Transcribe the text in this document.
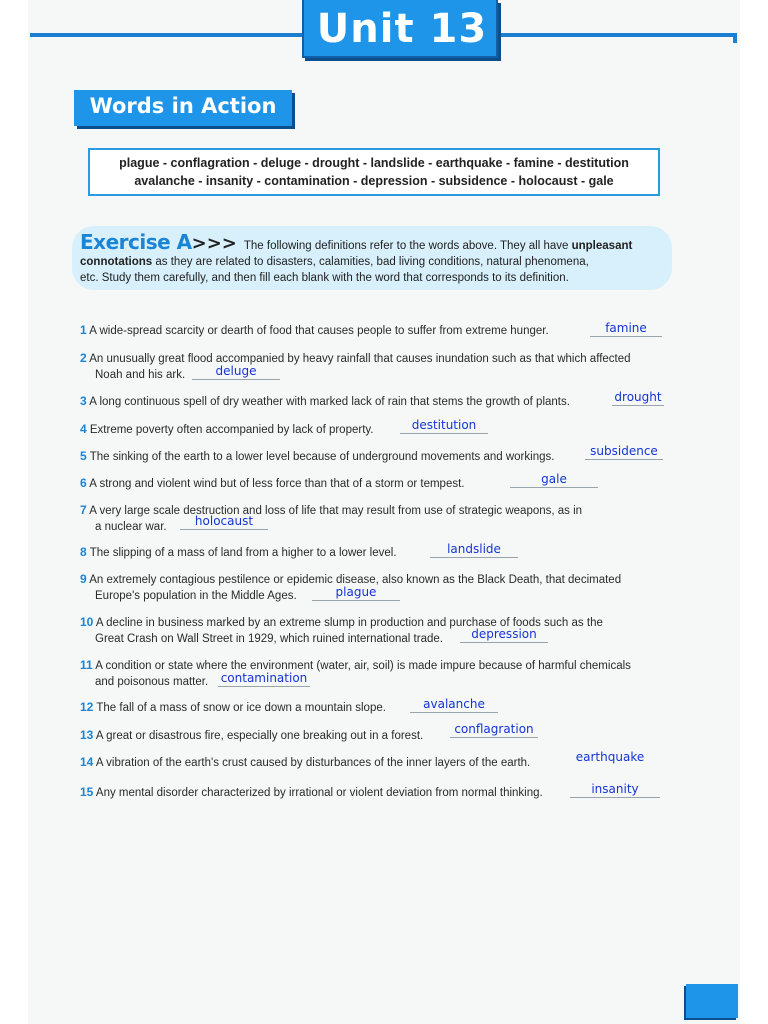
Unit 13
Words in Action
plague - conflagration - deluge - drought - landslide - earthquake - famine - destitution
avalanche - insanity - contamination - depression - subsidence - holocaust - gale
Exercise A>>> The following definitions refer to the words above. They all have unpleasant
connotations as they are related to disasters, calamities, bad living conditions, natural phenomena,
etc. Study them carefully, and then fill each blank with the word that corresponds to its definition.
1 A wide-spread scarcity or dearth of food that causes people to suffer from extreme hunger.	famine
2 An unusually great flood accompanied by heavy rainfall that causes inundation such as that which affected
Noah and his ark.	deluge
3 A long continuous spell of dry weather with marked lack of rain that stems the growth of plants.	drought
4 Extreme poverty often accompanied by lack of property.	destitution
5 The sinking of the earth to a lower level because of underground movements and workings.	subsidence
6 A strong and violent wind but of less force than that of a storm or tempest.	gale
7 A very large scale destruction and loss of life that may result from use of strategic weapons, as in
a nuclear war.	holocaust
8 The slipping of a mass of land from a higher to a lower level.	landslide
9 An extremely contagious pestilence or epidemic disease, also known as the Black Death, that decimated
Europe's population in the Middle Ages.	plague
10 A decline in business marked by an extreme slump in production and purchase of foods such as the
Great Crash on Wall Street in 1929, which ruined international trade.	depression
11 A condition or state where the environment (water, air, soil) is made impure because of harmful chemicals
and poisonous matter.	contamination
12 The fall of a mass of snow or ice down a mountain slope.	avalanche
13 A great or disastrous fire, especially one breaking out in a forest.	conflagration
14 A vibration of the earth's crust caused by disturbances of the inner layers of the earth.	earthquake
15 Any mental disorder characterized by irrational or violent deviation from normal thinking.	insanity
